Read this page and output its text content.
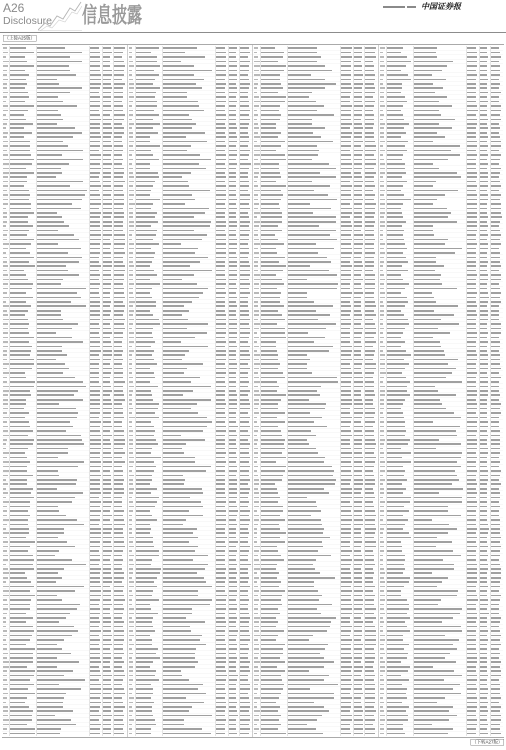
A26
Disclosure 信息披露	中国证券报
（上接A25版）
（下转A27版）
